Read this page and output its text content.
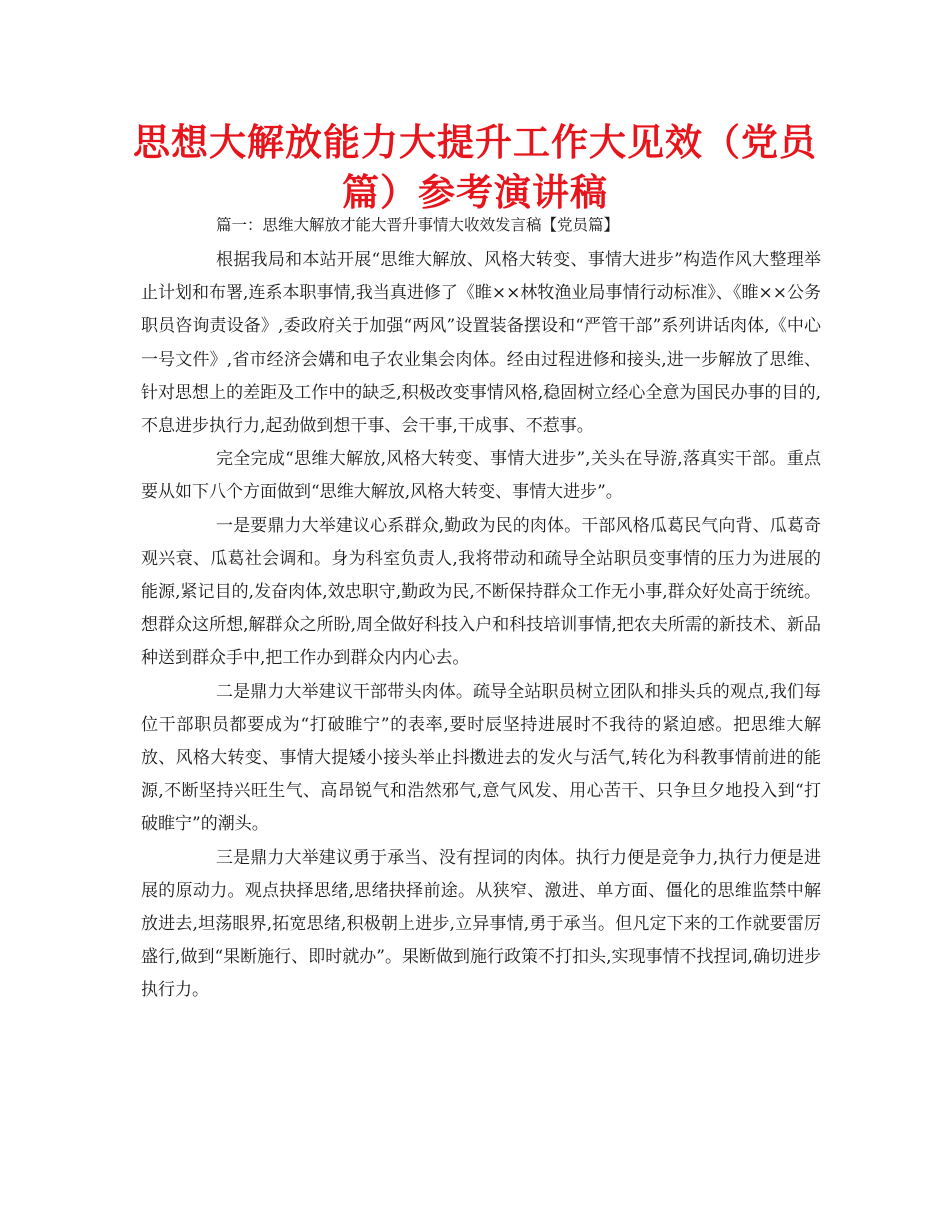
思想大解放能力大提升工作大见效（党员篇）参考演讲稿
篇一：思维大解放才能大晋升事情大收效发言稿【党员篇】

根据我局和本站开展“思维大解放、风格大转变、事情大进步”构造作风大整理举止计划和布署,连系本职事情,我当真进修了《睢××林牧渔业局事情行动标准》、《睢××公务职员咨询责设备》,委政府关于加强“两风”设置装备摆设和“严管干部”系列讲话肉体,《中心一号文件》,省市经济会媾和电子农业集会肉体。经由过程进修和接头,进一步解放了思维、针对思想上的差距及工作中的缺乏,积极改变事情风格,稳固树立经心全意为国民办事的目的,不息进步执行力,起劲做到想干事、会干事,干成事、不惹事。

完全完成“思维大解放,风格大转变、事情大进步”,关头在导游,落真实干部。重点要从如下八个方面做到“思维大解放,风格大转变、事情大进步”。

一是要鼎力大举建议心系群众,勤政为民的肉体。干部风格瓜葛民气向背、瓜葛奇观兴衰、瓜葛社会调和。身为科室负责人,我将带动和疏导全站职员变事情的压力为进展的能源,紧记目的,发奋肉体,效忠职守,勤政为民,不断保持群众工作无小事,群众好处高于统统。想群众这所想,解群众之所盼,周全做好科技入户和科技培训事情,把农夫所需的新技术、新品种送到群众手中,把工作办到群众内内心去。

二是鼎力大举建议干部带头肉体。疏导全站职员树立团队和排头兵的观点,我们每位干部职员都要成为“打破睢宁”的表率,要时辰坚持进展时不我待的紧迫感。把思维大解放、风格大转变、事情大提矮小接头举止抖擞进去的发火与活气,转化为科教事情前进的能源,不断坚持兴旺生气、高昂锐气和浩然邪气,意气风发、用心苦干、只争旦夕地投入到“打破睢宁”的潮头。

三是鼎力大举建议勇于承当、没有捏词的肉体。执行力便是竞争力,执行力便是进展的原动力。观点抉择思绪,思绪抉择前途。从狭窄、激进、单方面、僵化的思维监禁中解放进去,坦荡眼界,拓宽思绪,积极朝上进步,立异事情,勇于承当。但凡定下来的工作就要雷厉盛行,做到“果断施行、即时就办”。果断做到施行政策不打扣头,实现事情不找捏词,确切进步执行力。
